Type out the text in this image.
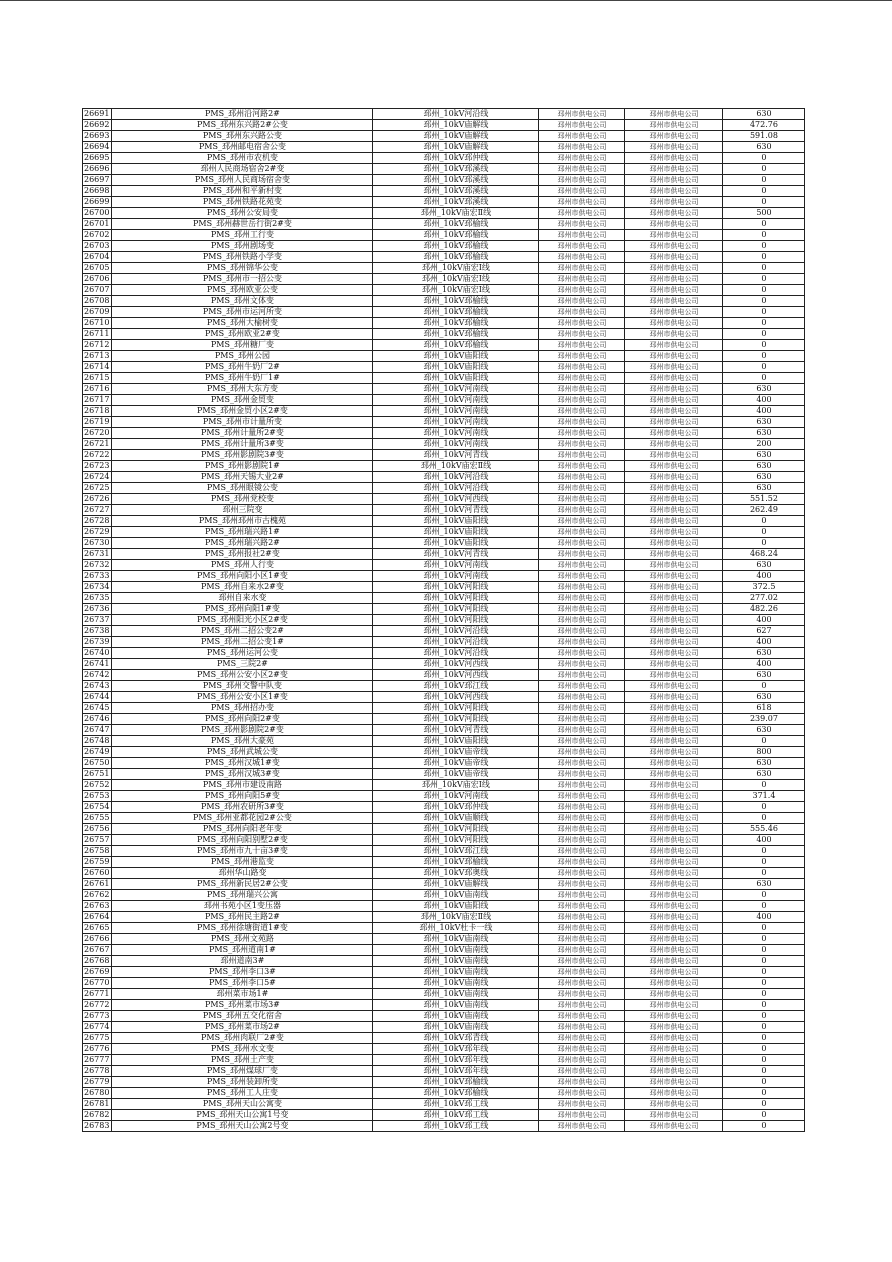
26691	PMS_邳州沿河路2#	邳州_10kV河沿线	邳州市供电公司	邳州市供电公司	630
26692	PMS_邳州东兴路2#公变	邳州_10kV庙解线	邳州市供电公司	邳州市供电公司	472.76
26693	PMS_邳州东兴路公变	邳州_10kV庙解线	邳州市供电公司	邳州市供电公司	591.08
26694	PMS_邳州邮电宿舍公变	邳州_10kV庙解线	邳州市供电公司	邳州市供电公司	630
26695	PMS_邳州市农机变	邳州_10kV邳仲线	邳州市供电公司	邳州市供电公司	0
26696	邳州人民商场宿舍2#变	邳州_10kV邳溪线	邳州市供电公司	邳州市供电公司	0
26697	PMS_邳州人民商场宿舍变	邳州_10kV邳溪线	邳州市供电公司	邳州市供电公司	0
26698	PMS_邳州和平新村变	邳州_10kV邳溪线	邳州市供电公司	邳州市供电公司	0
26699	PMS_邳州铁路花苑变	邳州_10kV邳溪线	邳州市供电公司	邳州市供电公司	0
26700	PMS_邳州公安局变	邳州_10kV庙宏Ⅱ线	邳州市供电公司	邳州市供电公司	500
26701	PMS_邳州赫世岳行街2#变	邳州_10kV邳榆线	邳州市供电公司	邳州市供电公司	0
26702	PMS_邳州工行变	邳州_10kV邳榆线	邳州市供电公司	邳州市供电公司	0
26703	PMS_邳州剧场变	邳州_10kV邳榆线	邳州市供电公司	邳州市供电公司	0
26704	PMS_邳州铁路小学变	邳州_10kV邳榆线	邳州市供电公司	邳州市供电公司	0
26705	PMS_邳州锦华公变	邳州_10kV庙宏Ⅰ线	邳州市供电公司	邳州市供电公司	0
26706	PMS_邳州市一招公变	邳州_10kV庙宏Ⅰ线	邳州市供电公司	邳州市供电公司	0
26707	PMS_邳州欧亚公变	邳州_10kV庙宏Ⅰ线	邳州市供电公司	邳州市供电公司	0
26708	PMS_邳州文体变	邳州_10kV邳榆线	邳州市供电公司	邳州市供电公司	0
26709	PMS_邳州市运河所变	邳州_10kV邳榆线	邳州市供电公司	邳州市供电公司	0
26710	PMS_邳州大榆树变	邳州_10kV邳榆线	邳州市供电公司	邳州市供电公司	0
26711	PMS_邳州欧亚2#变	邳州_10kV邳榆线	邳州市供电公司	邳州市供电公司	0
26712	PMS_邳州糖厂变	邳州_10kV邳榆线	邳州市供电公司	邳州市供电公司	0
26713	PMS_邳州公园	邳州_10kV庙阳线	邳州市供电公司	邳州市供电公司	0
26714	PMS_邳州牛奶厂2#	邳州_10kV庙阳线	邳州市供电公司	邳州市供电公司	0
26715	PMS_邳州牛奶厂1#	邳州_10kV庙阳线	邳州市供电公司	邳州市供电公司	0
26716	PMS_邳州大东方变	邳州_10kV河南线	邳州市供电公司	邳州市供电公司	630
26717	PMS_邳州金贸变	邳州_10kV河南线	邳州市供电公司	邳州市供电公司	400
26718	PMS_邳州金贸小区2#变	邳州_10kV河南线	邳州市供电公司	邳州市供电公司	400
26719	PMS_邳州市计量所变	邳州_10kV河南线	邳州市供电公司	邳州市供电公司	630
26720	PMS_邳州计量所2#变	邳州_10kV河南线	邳州市供电公司	邳州市供电公司	630
26721	PMS_邳州计量所3#变	邳州_10kV河南线	邳州市供电公司	邳州市供电公司	200
26722	PMS_邳州影剧院3#变	邳州_10kV河青线	邳州市供电公司	邳州市供电公司	630
26723	PMS_邳州影剧院1#	邳州_10kV庙宏Ⅱ线	邳州市供电公司	邳州市供电公司	630
26724	PMS_邳州天锡大业2#	邳州_10kV河沿线	邳州市供电公司	邳州市供电公司	630
26725	PMS_邳州眼镜公变	邳州_10kV河沿线	邳州市供电公司	邳州市供电公司	630
26726	PMS_邳州党校变	邳州_10kV河西线	邳州市供电公司	邳州市供电公司	551.52
26727	邳州三院变	邳州_10kV河青线	邳州市供电公司	邳州市供电公司	262.49
26728	PMS_邳州邳州市古槐苑	邳州_10kV庙阳线	邳州市供电公司	邳州市供电公司	0
26729	PMS_邳州瑞兴路1#	邳州_10kV庙阳线	邳州市供电公司	邳州市供电公司	0
26730	PMS_邳州瑞兴路2#	邳州_10kV庙阳线	邳州市供电公司	邳州市供电公司	0
26731	PMS_邳州报社2#变	邳州_10kV河青线	邳州市供电公司	邳州市供电公司	468.24
26732	PMS_邳州人行变	邳州_10kV河南线	邳州市供电公司	邳州市供电公司	630
26733	PMS_邳州向阳小区1#变	邳州_10kV河南线	邳州市供电公司	邳州市供电公司	400
26734	PMS_邳州自来水2#变	邳州_10kV河阳线	邳州市供电公司	邳州市供电公司	372.5
26735	邳州自来水变	邳州_10kV河阳线	邳州市供电公司	邳州市供电公司	277.02
26736	PMS_邳州向阳1#变	邳州_10kV河阳线	邳州市供电公司	邳州市供电公司	482.26
26737	PMS_邳州阳光小区2#变	邳州_10kV河阳线	邳州市供电公司	邳州市供电公司	400
26738	PMS_邳州二招公变2#	邳州_10kV河沿线	邳州市供电公司	邳州市供电公司	627
26739	PMS_邳州二招公变1#	邳州_10kV河沿线	邳州市供电公司	邳州市供电公司	400
26740	PMS_邳州运河公变	邳州_10kV河沿线	邳州市供电公司	邳州市供电公司	630
26741	PMS_三院2#	邳州_10kV河西线	邳州市供电公司	邳州市供电公司	400
26742	PMS_邳州公安小区2#变	邳州_10kV河西线	邳州市供电公司	邳州市供电公司	630
26743	PMS_邳州交警中队变	邳州_10kV邳江线	邳州市供电公司	邳州市供电公司	0
26744	PMS_邳州公安小区1#变	邳州_10kV河西线	邳州市供电公司	邳州市供电公司	630
26745	PMS_邳州招办变	邳州_10kV河阳线	邳州市供电公司	邳州市供电公司	618
26746	PMS_邳州向阳2#变	邳州_10kV河阳线	邳州市供电公司	邳州市供电公司	239.07
26747	PMS_邳州影剧院2#变	邳州_10kV河青线	邳州市供电公司	邳州市供电公司	630
26748	PMS_邳州大豪苑	邳州_10kV庙阳线	邳州市供电公司	邳州市供电公司	0
26749	PMS_邳州武城公变	邳州_10kV庙帝线	邳州市供电公司	邳州市供电公司	800
26750	PMS_邳州汉城1#变	邳州_10kV庙帝线	邳州市供电公司	邳州市供电公司	630
26751	PMS_邳州汉城3#变	邳州_10kV庙帝线	邳州市供电公司	邳州市供电公司	630
26752	PMS_邳州市建设南路	邳州_10kV庙宏Ⅰ线	邳州市供电公司	邳州市供电公司	0
26753	PMS_邳州向阳5#变	邳州_10kV河南线	邳州市供电公司	邳州市供电公司	371.4
26754	PMS_邳州农研所3#变	邳州_10kV邳仲线	邳州市供电公司	邳州市供电公司	0
26755	PMS_邳州亚都花园2#公变	邳州_10kV庙顺线	邳州市供电公司	邳州市供电公司	0
26756	PMS_邳州向阳老年变	邳州_10kV河阳线	邳州市供电公司	邳州市供电公司	555.46
26757	PMS_邳州向阳别墅2#变	邳州_10kV河阳线	邳州市供电公司	邳州市供电公司	400
26758	PMS_邳州市九十亩3#变	邳州_10kV邳江线	邳州市供电公司	邳州市供电公司	0
26759	PMS_邳州港监变	邳州_10kV邳榆线	邳州市供电公司	邳州市供电公司	0
26760	邳州华山路变	邳州_10kV邳奥线	邳州市供电公司	邳州市供电公司	0
26761	PMS_邳州新民居2#公变	邳州_10kV庙解线	邳州市供电公司	邳州市供电公司	630
26762	PMS_邳州瑞兴公寓	邳州_10kV庙南线	邳州市供电公司	邳州市供电公司	0
26763	邳州书苑小区1变压器	邳州_10kV庙阳线	邳州市供电公司	邳州市供电公司	0
26764	PMS_邳州民主路2#	邳州_10kV庙宏Ⅱ线	邳州市供电公司	邳州市供电公司	400
26765	PMS_邳州徐塘街道1#变	邳州_10kV杜卡一线	邳州市供电公司	邳州市供电公司	0
26766	PMS_邳州文苑路	邳州_10kV庙南线	邳州市供电公司	邳州市供电公司	0
26767	PMS_邳州道南1#	邳州_10kV庙南线	邳州市供电公司	邳州市供电公司	0
26768	邳州道南3#	邳州_10kV庙南线	邳州市供电公司	邳州市供电公司	0
26769	PMS_邳州李口3#	邳州_10kV庙南线	邳州市供电公司	邳州市供电公司	0
26770	PMS_邳州李口5#	邳州_10kV庙南线	邳州市供电公司	邳州市供电公司	0
26771	邳州菜市场1#	邳州_10kV庙南线	邳州市供电公司	邳州市供电公司	0
26772	PMS_邳州菜市场3#	邳州_10kV庙南线	邳州市供电公司	邳州市供电公司	0
26773	PMS_邳州五交化宿舍	邳州_10kV庙南线	邳州市供电公司	邳州市供电公司	0
26774	PMS_邳州菜市场2#	邳州_10kV庙南线	邳州市供电公司	邳州市供电公司	0
26775	PMS_邳州肉联厂2#变	邳州_10kV邳青线	邳州市供电公司	邳州市供电公司	0
26776	PMS_邳州水文变	邳州_10kV邳年线	邳州市供电公司	邳州市供电公司	0
26777	PMS_邳州土产变	邳州_10kV邳年线	邳州市供电公司	邳州市供电公司	0
26778	PMS_邳州煤球厂变	邳州_10kV邳年线	邳州市供电公司	邳州市供电公司	0
26779	PMS_邳州装卸所变	邳州_10kV邳榆线	邳州市供电公司	邳州市供电公司	0
26780	PMS_邳州工人庄变	邳州_10kV邳榆线	邳州市供电公司	邳州市供电公司	0
26781	PMS_邳州天山公寓变	邳州_10kV邳工线	邳州市供电公司	邳州市供电公司	0
26782	PMS_邳州天山公寓1号变	邳州_10kV邳工线	邳州市供电公司	邳州市供电公司	0
26783	PMS_邳州天山公寓2号变	邳州_10kV邳工线	邳州市供电公司	邳州市供电公司	0
